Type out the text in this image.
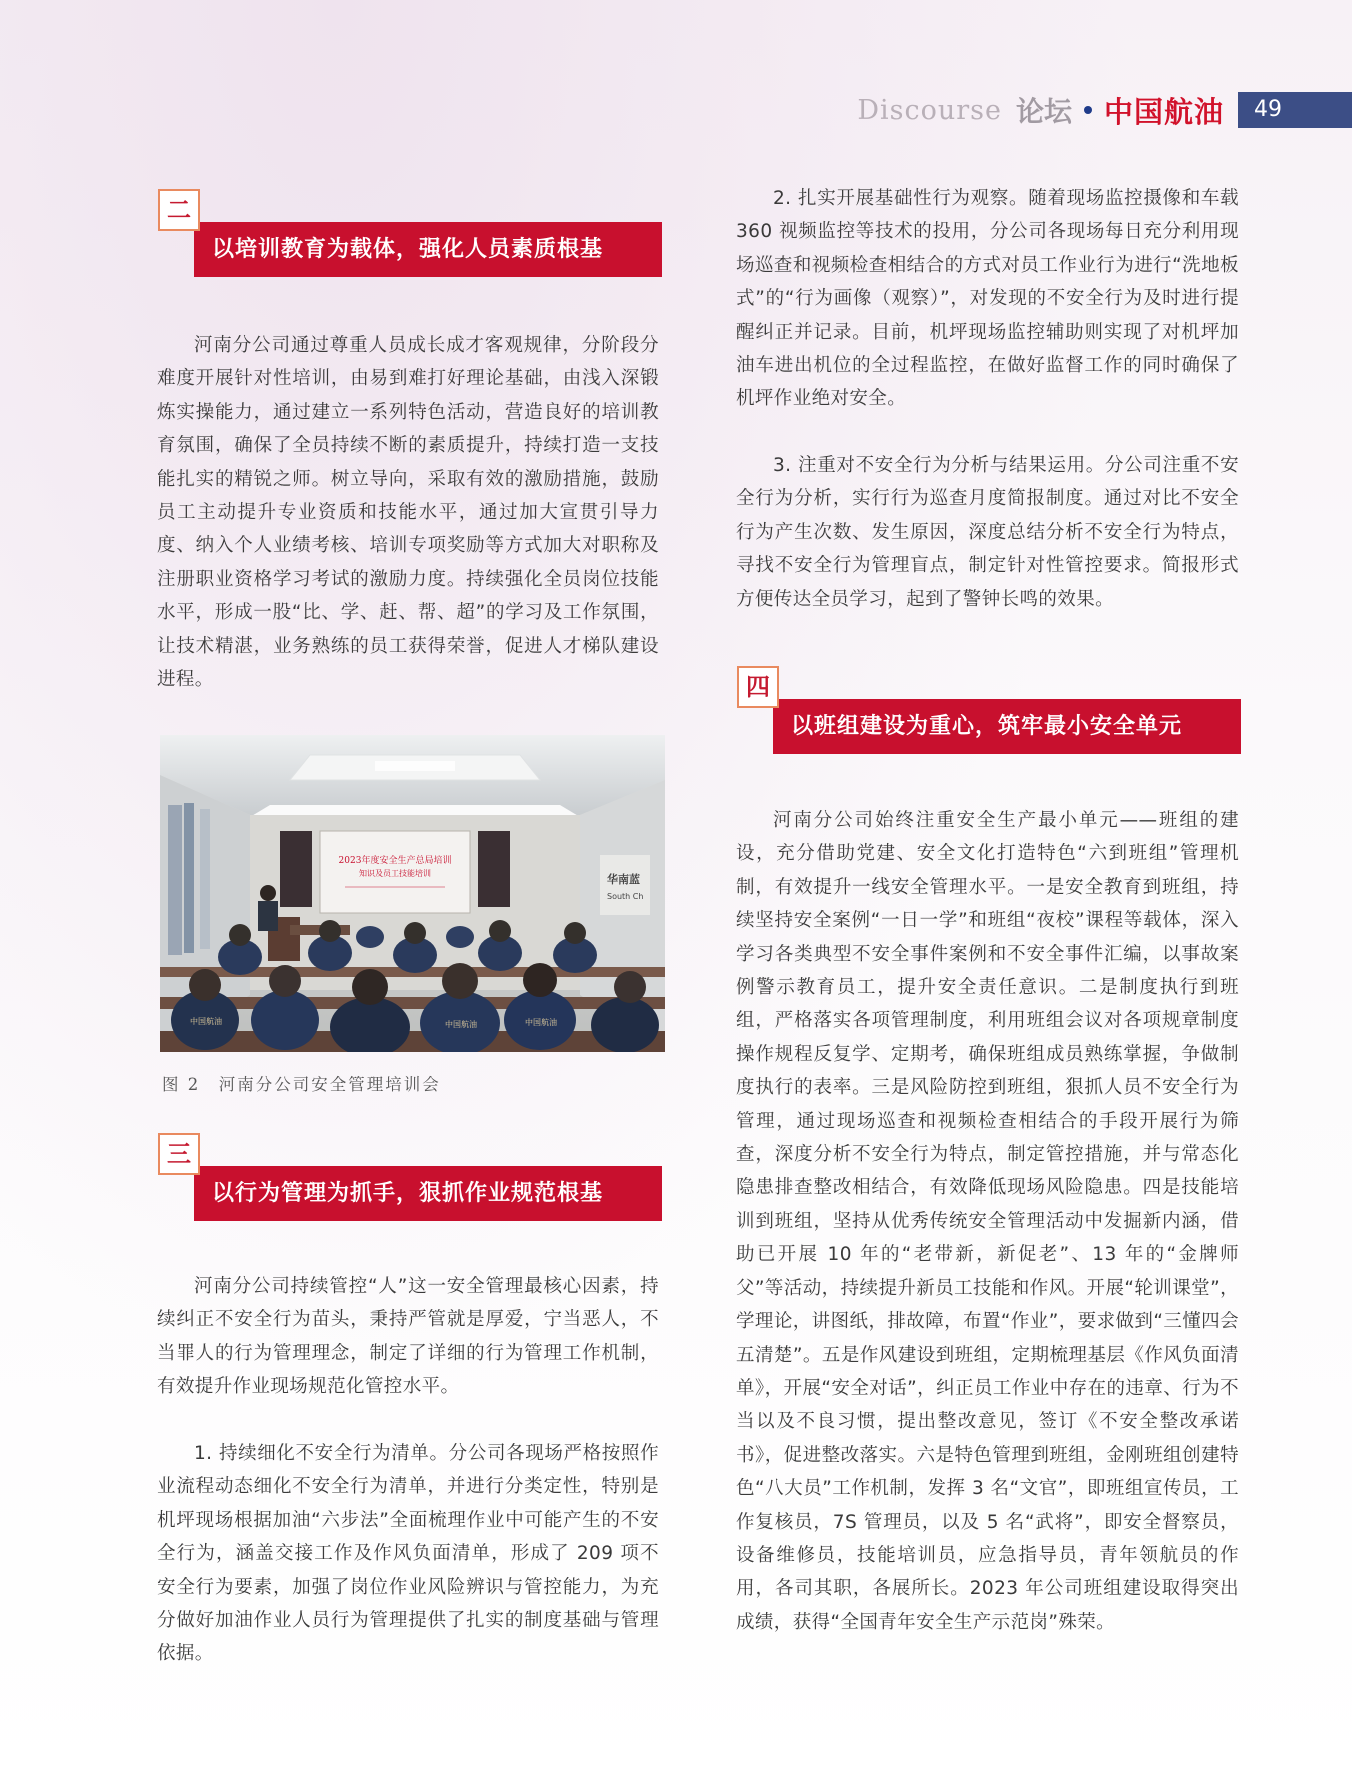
Discourse 论坛 中国航油	49
二
以培训教育为载体，强化人员素质根基

河南分公司通过尊重人员成长成才客观规律，分阶段分难度开展针对性培训，由易到难打好理论基础，由浅入深锻炼实操能力，通过建立一系列特色活动，营造良好的培训教育氛围，确保了全员持续不断的素质提升，持续打造一支技能扎实的精锐之师。树立导向，采取有效的激励措施，鼓励员工主动提升专业资质和技能水平，通过加大宣贯引导力度、纳入个人业绩考核、培训专项奖励等方式加大对职称及注册职业资格学习考试的激励力度。持续强化全员岗位技能水平，形成一股“比、学、赶、帮、超”的学习及工作氛围，让技术精湛，业务熟练的员工获得荣誉，促进人才梯队建设进程。

2023年度安全生产总局培训
知识及员工技能培训	华南蓝
South Ch
中国航油	中国航油	中国航油
图 2　河南分公司安全管理培训会
三
以行为管理为抓手，狠抓作业规范根基

河南分公司持续管控“人”这一安全管理最核心因素，持续纠正不安全行为苗头，秉持严管就是厚爱，宁当恶人，不当罪人的行为管理理念，制定了详细的行为管理工作机制，有效提升作业现场规范化管控水平。

1. 持续细化不安全行为清单。分公司各现场严格按照作业流程动态细化不安全行为清单，并进行分类定性，特别是机坪现场根据加油“六步法”全面梳理作业中可能产生的不安全行为，涵盖交接工作及作风负面清单，形成了 209 项不安全行为要素，加强了岗位作业风险辨识与管控能力，为充分做好加油作业人员行为管理提供了扎实的制度基础与管理依据。

2. 扎实开展基础性行为观察。随着现场监控摄像和车载 360 视频监控等技术的投用，分公司各现场每日充分利用现场巡查和视频检查相结合的方式对员工作业行为进行“洗地板式”的“行为画像（观察）”，对发现的不安全行为及时进行提醒纠正并记录。目前，机坪现场监控辅助则实现了对机坪加油车进出机位的全过程监控，在做好监督工作的同时确保了机坪作业绝对安全。

3. 注重对不安全行为分析与结果运用。分公司注重不安全行为分析，实行行为巡查月度简报制度。通过对比不安全行为产生次数、发生原因，深度总结分析不安全行为特点，寻找不安全行为管理盲点，制定针对性管控要求。简报形式方便传达全员学习，起到了警钟长鸣的效果。

四
以班组建设为重心，筑牢最小安全单元

河南分公司始终注重安全生产最小单元——班组的建设，充分借助党建、安全文化打造特色“六到班组”管理机制，有效提升一线安全管理水平。一是安全教育到班组，持续坚持安全案例“一日一学”和班组“夜校”课程等载体，深入学习各类典型不安全事件案例和不安全事件汇编，以事故案例警示教育员工，提升安全责任意识。二是制度执行到班组，严格落实各项管理制度，利用班组会议对各项规章制度操作规程反复学、定期考，确保班组成员熟练掌握，争做制度执行的表率。三是风险防控到班组，狠抓人员不安全行为管理，通过现场巡查和视频检查相结合的手段开展行为筛查，深度分析不安全行为特点，制定管控措施，并与常态化隐患排查整改相结合，有效降低现场风险隐患。四是技能培训到班组，坚持从优秀传统安全管理活动中发掘新内涵，借助已开展 10 年的“老带新，新促老”、13 年的“金牌师父”等活动，持续提升新员工技能和作风。开展“轮训课堂”，学理论，讲图纸，排故障，布置“作业”，要求做到“三懂四会五清楚”。五是作风建设到班组，定期梳理基层《作风负面清单》，开展“安全对话”，纠正员工作业中存在的违章、行为不当以及不良习惯，提出整改意见，签订《不安全整改承诺书》，促进整改落实。六是特色管理到班组，金刚班组创建特色“八大员”工作机制，发挥 3 名“文官”，即班组宣传员，工作复核员，7S 管理员，以及 5 名“武将”，即安全督察员，设备维修员，技能培训员，应急指导员，青年领航员的作用，各司其职，各展所长。2023 年公司班组建设取得突出成绩，获得“全国青年安全生产示范岗”殊荣。
